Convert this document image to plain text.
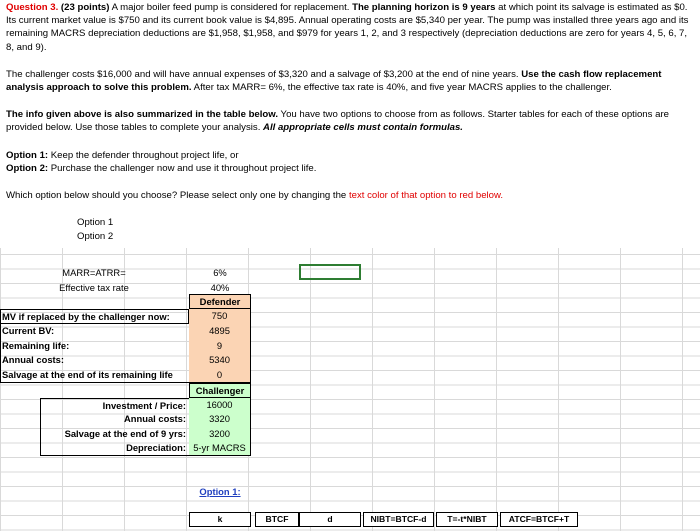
Question 3. (23 points) A major boiler feed pump is considered for replacement. The planning horizon is 9 years at which point its salvage is estimated as $0. Its current market value is $750 and its current book value is $4,895. Annual operating costs are $5,340 per year. The pump was installed three years ago and its remaining MACRS depreciation deductions are $1,958, $1,958, and $979 for years 1, 2, and 3 respectively (depreciation deductions are zero for years 4, 5, 6, 7, 8, and 9).

The challenger costs $16,000 and will have annual expenses of $3,320 and a salvage of $3,200 at the end of nine years. Use the cash flow replacement analysis approach to solve this problem. After tax MARR= 6%, the effective tax rate is 40%, and five year MACRS applies to the challenger.

The info given above is also summarized in the table below. You have two options to choose from as follows. Starter tables for each of these options are provided below. Use those tables to complete your analysis. All appropriate cells must contain formulas.

Option 1: Keep the defender throughout project life, or

Option 2: Purchase the challenger now and use it throughout project life.

Which option below should you choose? Please select only one by changing the text color of that option to red below.

Option 1

Option 2

MARR=ATRR=	6%
Effective tax rate	40%
Defender
MV if replaced by the challenger now:	750
Current BV:	4895
Remaining life:	9
Annual costs:	5340
Salvage at the end of its remaining life	0
Challenger
Investment / Price:	16000
Annual costs:	3320
Salvage at the end of 9 yrs:	3200
Depreciation: 5-yr MACRS
Option 1:
k	BTCF	d	NIBT=BTCF-d	T=-t*NIBT	ATCF=BTCF+T
